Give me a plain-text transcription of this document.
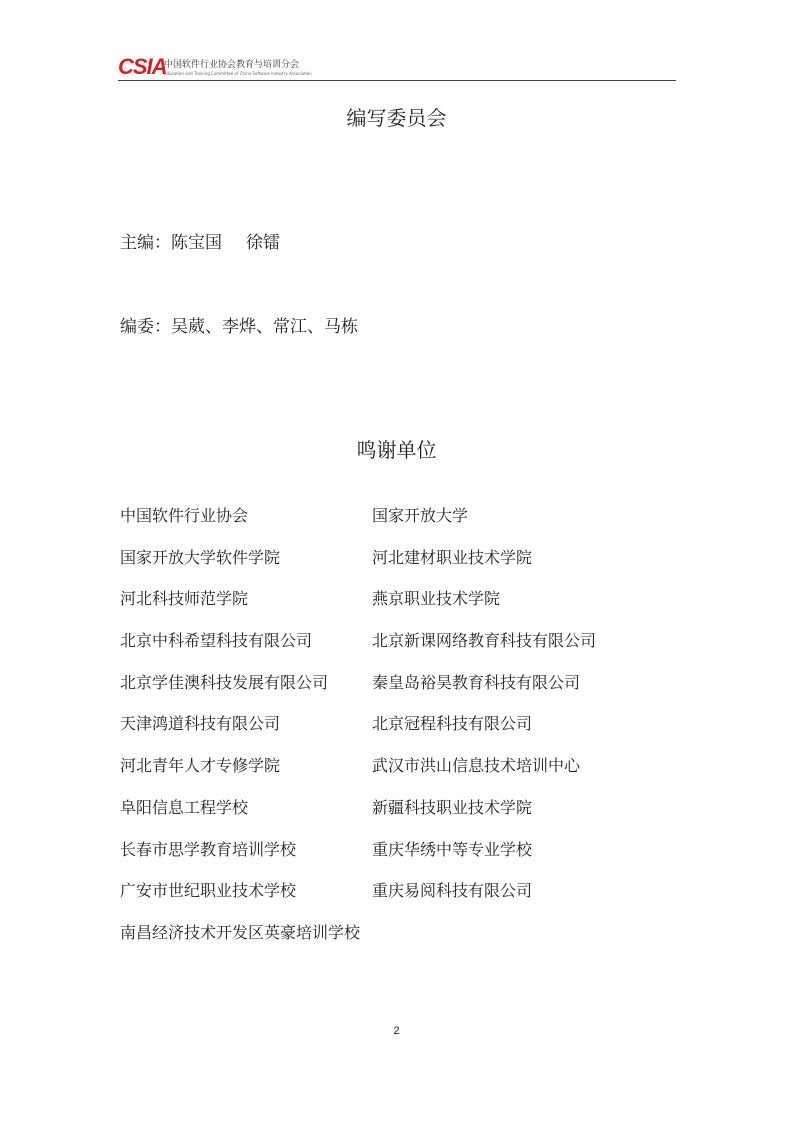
CSIA
中国软件行业协会教育与培训分会
Education and Training Committee of China Software Industry Association
编写委员会
主编：陈宝国 徐镭
编委：吴葳、李烨、常江、马栋
鸣谢单位
中国软件行业协会	国家开放大学
国家开放大学软件学院	河北建材职业技术学院
河北科技师范学院	燕京职业技术学院
北京中科希望科技有限公司	北京新课网络教育科技有限公司
北京学佳澳科技发展有限公司	秦皇岛裕昊教育科技有限公司
天津鸿道科技有限公司	北京冠程科技有限公司
河北青年人才专修学院	武汉市洪山信息技术培训中心
阜阳信息工程学校	新疆科技职业技术学院
长春市思学教育培训学校	重庆华绣中等专业学校
广安市世纪职业技术学校	重庆易阅科技有限公司
南昌经济技术开发区英豪培训学校
2
